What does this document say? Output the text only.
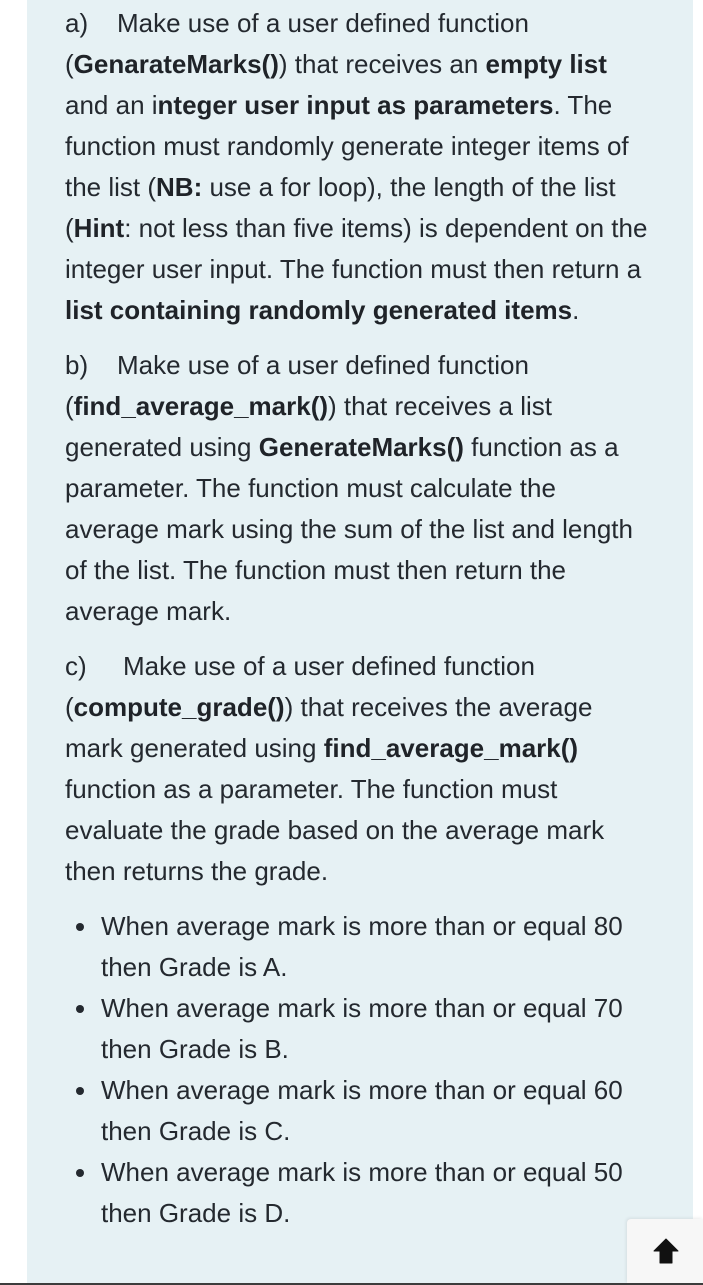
a) Make use of a user defined function (GenarateMarks()) that receives an empty list and an integer user input as parameters. The function must randomly generate integer items of the list (NB: use a for loop), the length of the list (Hint: not less than five items) is dependent on the integer user input. The function must then return a list containing randomly generated items.

b) Make use of a user defined function (find_average_mark()) that receives a list generated using GenerateMarks() function as a parameter. The function must calculate the average mark using the sum of the list and length of the list. The function must then return the average mark.

c) Make use of a user defined function (compute_grade()) that receives the average mark generated using find_average_mark() function as a parameter. The function must evaluate the grade based on the average mark then returns the grade.

When average mark is more than or equal 80 then Grade is A.
When average mark is more than or equal 70 then Grade is B.
When average mark is more than or equal 60 then Grade is C.
When average mark is more than or equal 50 then Grade is D.
